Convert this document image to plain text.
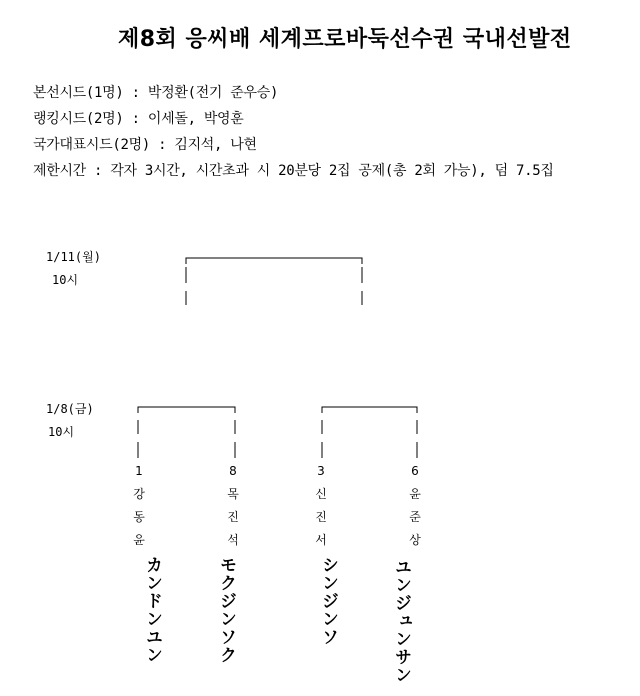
제8회 응씨배 세계프로바둑선수권 국내선발전
본선시드(1명) : 박정환(전기 준우승)
랭킹시드(2명) : 이세돌, 박영훈
국가대표시드(2명) : 김지석, 나현
제한시간 : 각자 3시간, 시간초과 시 20분당 2집 공제(총 2회 가능), 덤 7.5집
1/11(월)
10시
1/8(금)
10시
1
강
동
윤
カンドンユン
8
목
진
석
モクジンソク
3
신
진
서
シンジンソ
6
윤
준
상
ユンジュンサン
